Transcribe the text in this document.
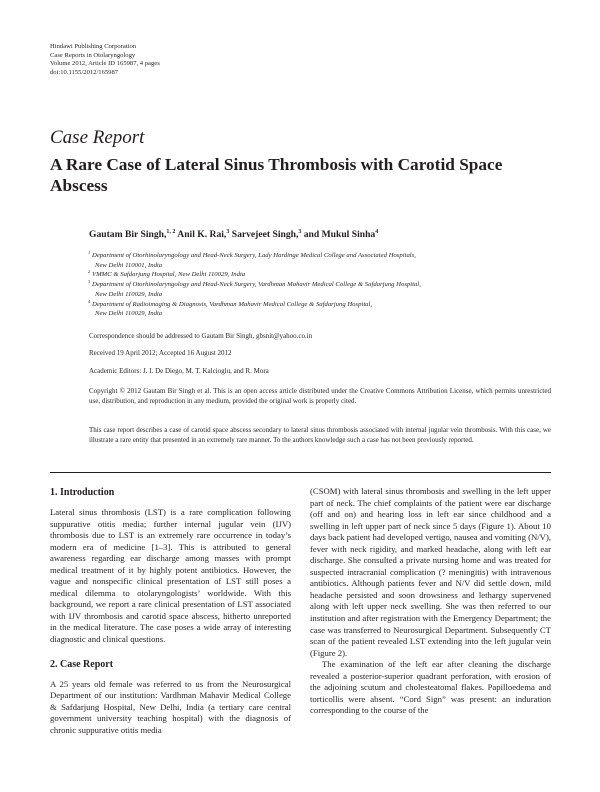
Hindawi Publishing Corporation
Case Reports in Otolaryngology
Volume 2012, Article ID 165987, 4 pages
doi:10.1155/2012/165987
Case Report
A Rare Case of Lateral Sinus Thrombosis with Carotid Space Abscess
Gautam Bir Singh,$^{1, 2}$ Anil K. Rai,$^3$ Sarvejeet Singh,$^3$ and Mukul Sinha$^4$
1 Department of Otorhinolaryngology and Head-Neck Surgery, Lady Hardinge Medical College and Associated Hospitals,
New Delhi 110001, India
2 VMMC & Safdarjung Hospital, New Delhi 110029, India
3 Department of Otorhinolaryngology and Head-Neck Surgery, Vardhman Mahavir Medical College & Safdarjung Hospital,
New Delhi 110029, India
4 Department of Radioimaging & Diagnosis, Vardhman Mahavir Medical College & Safdarjung Hospital,
New Delhi 110029, India
Correspondence should be addressed to Gautam Bir Singh, gbsnit@yahoo.co.in
Received 19 April 2012; Accepted 16 August 2012
Academic Editors: J. I. De Diego, M. T. Kalcioglu, and R. Mora
Copyright © 2012 Gautam Bir Singh et al. This is an open access article distributed under the Creative Commons Attribution License, which permits unrestricted use, distribution, and reproduction in any medium, provided the original work is properly cited.
This case report describes a case of carotid space abscess secondary to lateral sinus thrombosis associated with internal jugular vein thrombosis. With this case, we illustrate a rare entity that presented in an extremely rare manner. To the authors knowledge such a case has not been previously reported.
1. Introduction

Lateral sinus thrombosis (LST) is a rare complication following suppurative otitis media; further internal jugular vein (IJV) thrombosis due to LST is an extremely rare occurrence in today’s modern era of medicine [1–3]. This is attributed to general awareness regarding ear discharge among masses with prompt medical treatment of it by highly potent antibiotics. However, the vague and nonspecific clinical presentation of LST still poses a medical dilemma to otolaryngologists’ worldwide. With this background, we report a rare clinical presentation of LST associated with IJV thrombosis and carotid space abscess, hitherto unreported in the medical literature. The case poses a wide array of interesting diagnostic and clinical questions.

2. Case Report

A 25 years old female was referred to us from the Neurosurgical Department of our institution: Vardhman Mahavir Medical College & Safdarjung Hospital, New Delhi, India (a tertiary care central government university teaching hospital) with the diagnosis of chronic suppurative otitis media

(CSOM) with lateral sinus thrombosis and swelling in the left upper part of neck. The chief complaints of the patient were ear discharge (off and on) and hearing loss in left ear since childhood and a swelling in left upper part of neck since 5 days (Figure 1). About 10 days back patient had developed vertigo, nausea and vomiting (N/V), fever with neck rigidity, and marked headache, along with left ear discharge. She consulted a private nursing home and was treated for suspected intracranial complication (? meningitis) with intravenous antibiotics. Although patients fever and N/V did settle down, mild headache persisted and soon drowsiness and lethargy supervened along with left upper neck swelling. She was then referred to our institution and after registration with the Emergency Department; the case was transferred to Neurosurgical Department. Subsequently CT scan of the patient revealed LST extending into the left jugular vein (Figure 2).

The examination of the left ear after cleaning the discharge revealed a posterior-superior quadrant perforation, with erosion of the adjoining scutum and cholesteatomal flakes. Papilloedema and torticollis were absent. “Cord Sign” was present: an induration corresponding to the course of the
